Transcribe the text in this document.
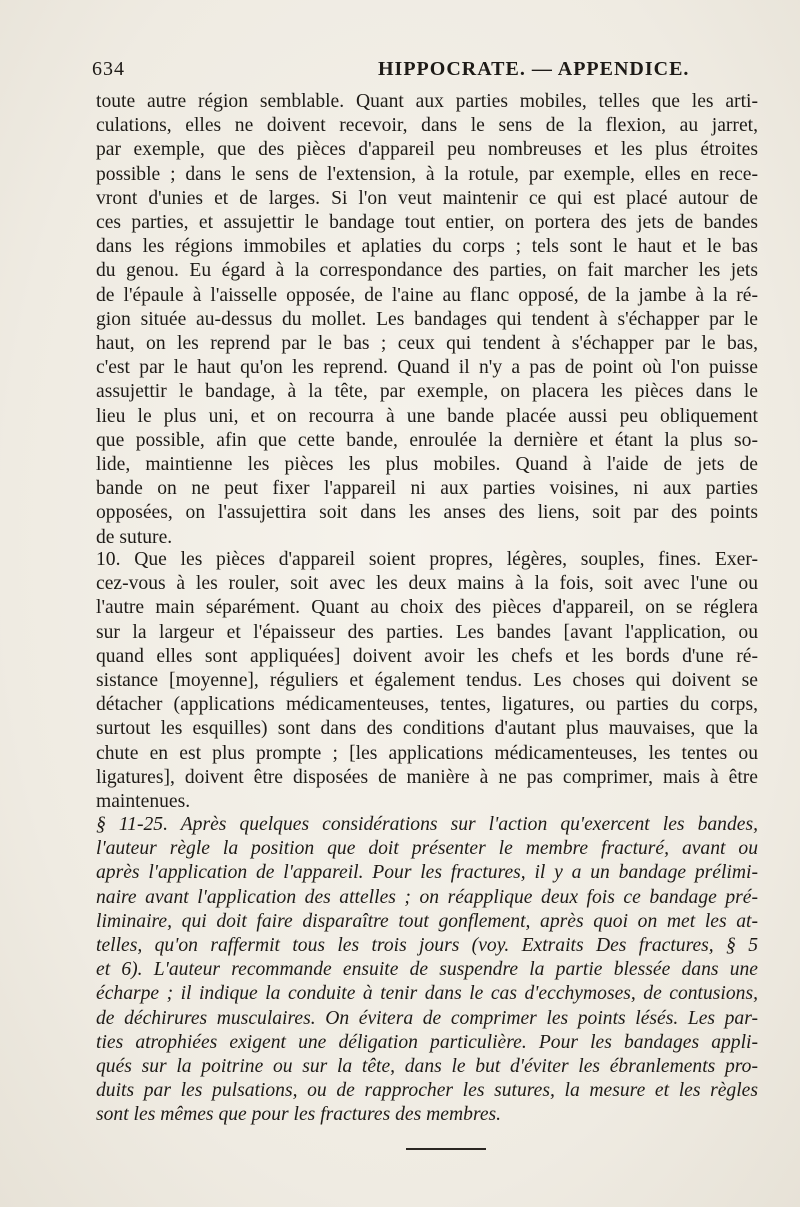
634	HIPPOCRATE. — APPENDICE.
toute autre région semblable. Quant aux parties mobiles, telles que les arti-
culations, elles ne doivent recevoir, dans le sens de la flexion, au jarret,
par exemple, que des pièces d'appareil peu nombreuses et les plus étroites
possible ; dans le sens de l'extension, à la rotule, par exemple, elles en rece-
vront d'unies et de larges. Si l'on veut maintenir ce qui est placé autour de
ces parties, et assujettir le bandage tout entier, on portera des jets de bandes
dans les régions immobiles et aplaties du corps ; tels sont le haut et le bas
du genou. Eu égard à la correspondance des parties, on fait marcher les jets
de l'épaule à l'aisselle opposée, de l'aine au flanc opposé, de la jambe à la ré-
gion située au-dessus du mollet. Les bandages qui tendent à s'échapper par le
haut, on les reprend par le bas ; ceux qui tendent à s'échapper par le bas,
c'est par le haut qu'on les reprend. Quand il n'y a pas de point où l'on puisse
assujettir le bandage, à la tête, par exemple, on placera les pièces dans le
lieu le plus uni, et on recourra à une bande placée aussi peu obliquement
que possible, afin que cette bande, enroulée la dernière et étant la plus so-
lide, maintienne les pièces les plus mobiles. Quand à l'aide de jets de
bande on ne peut fixer l'appareil ni aux parties voisines, ni aux parties
opposées, on l'assujettira soit dans les anses des liens, soit par des points
de suture.
10. Que les pièces d'appareil soient propres, légères, souples, fines. Exer-
cez-vous à les rouler, soit avec les deux mains à la fois, soit avec l'une ou
l'autre main séparément. Quant au choix des pièces d'appareil, on se réglera
sur la largeur et l'épaisseur des parties. Les bandes [avant l'application, ou
quand elles sont appliquées] doivent avoir les chefs et les bords d'une ré-
sistance [moyenne], réguliers et également tendus. Les choses qui doivent se
détacher (applications médicamenteuses, tentes, ligatures, ou parties du corps,
surtout les esquilles) sont dans des conditions d'autant plus mauvaises, que la
chute en est plus prompte ; [les applications médicamenteuses, les tentes ou
ligatures], doivent être disposées de manière à ne pas comprimer, mais à être
maintenues.
§ 11-25. Après quelques considérations sur l'action qu'exercent les bandes,
l'auteur règle la position que doit présenter le membre fracturé, avant ou
après l'application de l'appareil. Pour les fractures, il y a un bandage prélimi-
naire avant l'application des attelles ; on réapplique deux fois ce bandage pré-
liminaire, qui doit faire disparaître tout gonflement, après quoi on met les at-
telles, qu'on raffermit tous les trois jours (voy. Extraits Des fractures, § 5
et 6). L'auteur recommande ensuite de suspendre la partie blessée dans une
écharpe ; il indique la conduite à tenir dans le cas d'ecchymoses, de contusions,
de déchirures musculaires. On évitera de comprimer les points lésés. Les par-
ties atrophiées exigent une déligation particulière. Pour les bandages appli-
qués sur la poitrine ou sur la tête, dans le but d'éviter les ébranlements pro-
duits par les pulsations, ou de rapprocher les sutures, la mesure et les règles
sont les mêmes que pour les fractures des membres.
